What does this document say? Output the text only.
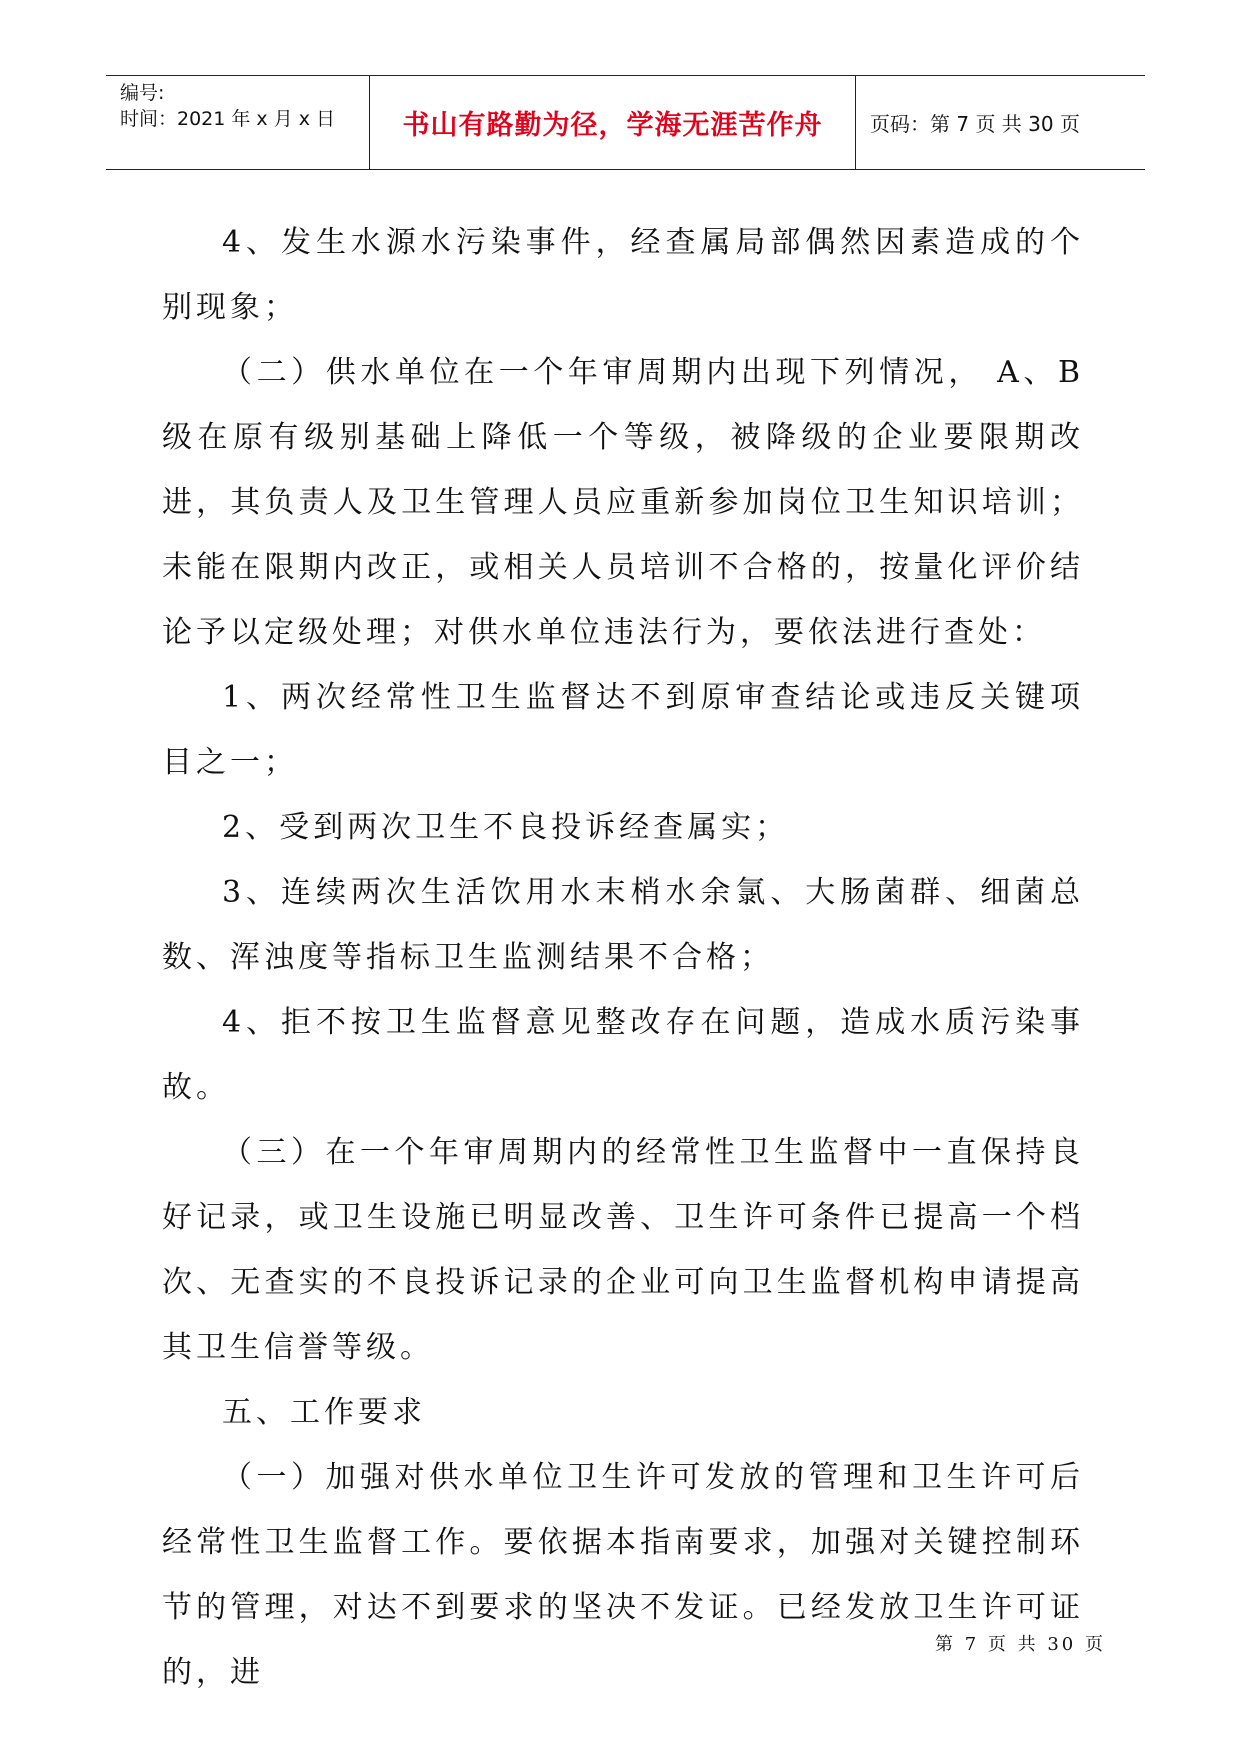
编号:
时间：2021 年 x 月 x 日	书山有路勤为径，学海无涯苦作舟	页码：第 7 页 共 30 页

4、发生水源水污染事件，经查属局部偶然因素造成的个别现象；

（二）供水单位在一个年审周期内出现下列情况， A、B 级在原有级别基础上降低一个等级，被降级的企业要限期改进，其负责人及卫生管理人员应重新参加岗位卫生知识培训；未能在限期内改正，或相关人员培训不合格的，按量化评价结论予以定级处理；对供水单位违法行为，要依法进行查处：

1、两次经常性卫生监督达不到原审查结论或违反关键项目之一；

2、受到两次卫生不良投诉经查属实；

3、连续两次生活饮用水末梢水余氯、大肠菌群、细菌总数、浑浊度等指标卫生监测结果不合格；

4、拒不按卫生监督意见整改存在问题，造成水质污染事故。

（三）在一个年审周期内的经常性卫生监督中一直保持良好记录，或卫生设施已明显改善、卫生许可条件已提高一个档次、无查实的不良投诉记录的企业可向卫生监督机构申请提高其卫生信誉等级。

五、工作要求

（一）加强对供水单位卫生许可发放的管理和卫生许可后经常性卫生监督工作。要依据本指南要求，加强对关键控制环节的管理，对达不到要求的坚决不发证。已经发放卫生许可证的，进

第 7 页 共 30 页
